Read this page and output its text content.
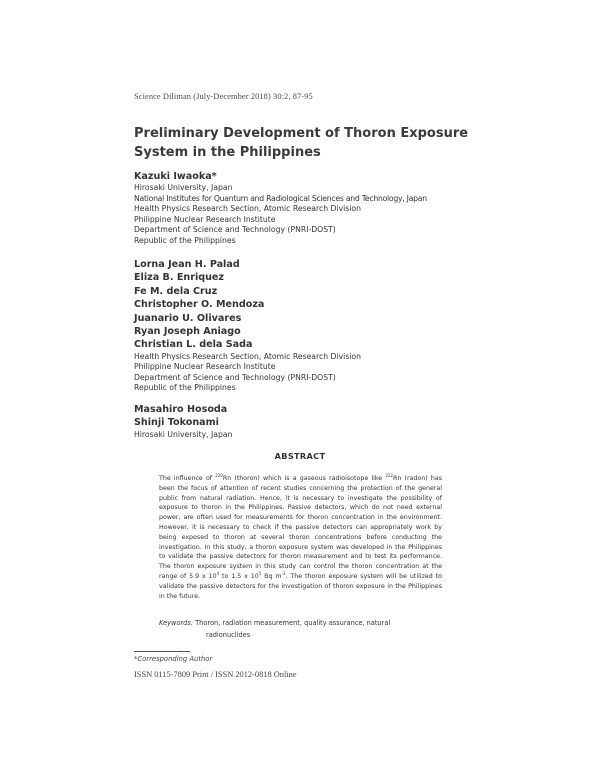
Science Diliman (July-December 2018) 30:2, 87-95
Preliminary Development of Thoron Exposure
System in the Philippines
Kazuki Iwaoka*
Hirosaki University, Japan
National Institutes for Quantum and Radiological Sciences and Technology, Japan
Health Physics Research Section, Atomic Research Division
Philippine Nuclear Research Institute
Department of Science and Technology (PNRI-DOST)
Republic of the Philippines
Lorna Jean H. Palad
Eliza B. Enriquez
Fe M. dela Cruz
Christopher O. Mendoza
Juanario U. Olivares
Ryan Joseph Aniago
Christian L. dela Sada
Health Physics Research Section, Atomic Research Division
Philippine Nuclear Research Institute
Department of Science and Technology (PNRI-DOST)
Republic of the Philippines
Masahiro Hosoda
Shinji Tokonami
Hirosaki University, Japan
ABSTRACT
The influence of $^{220}$Rn (thoron) which is a gaseous radioisotope like $^{222}$Rn (radon) has been the focus of attention of recent studies concerning the protection of the general public from natural radiation. Hence, it is necessary to investigate the possibility of exposure to thoron in the Philippines. Passive detectors, which do not need external power, are often used for measurements for thoron concentration in the environment. However, it is necessary to check if the passive detectors can appropriately work by being exposed to thoron at several thoron concentrations before conducting the investigation. In this study, a thoron exposure system was developed in the Philippines to validate the passive detectors for thoron measurement and to test its performance. The thoron exposure system in this study can control the thoron concentration at the range of 5.9 x $10^4$ to 1.5 x $10^5$ Bq $m^{-3}$. The thoron exposure system will be utilized to validate the passive detectors for the investigation of thoron exposure in the Philippines in the future.
Keywords: Thoron, radiation measurement, quality assurance, natural
radionuclides
*Corresponding Author
ISSN 0115-7809 Print / ISSN 2012-0818 Online
